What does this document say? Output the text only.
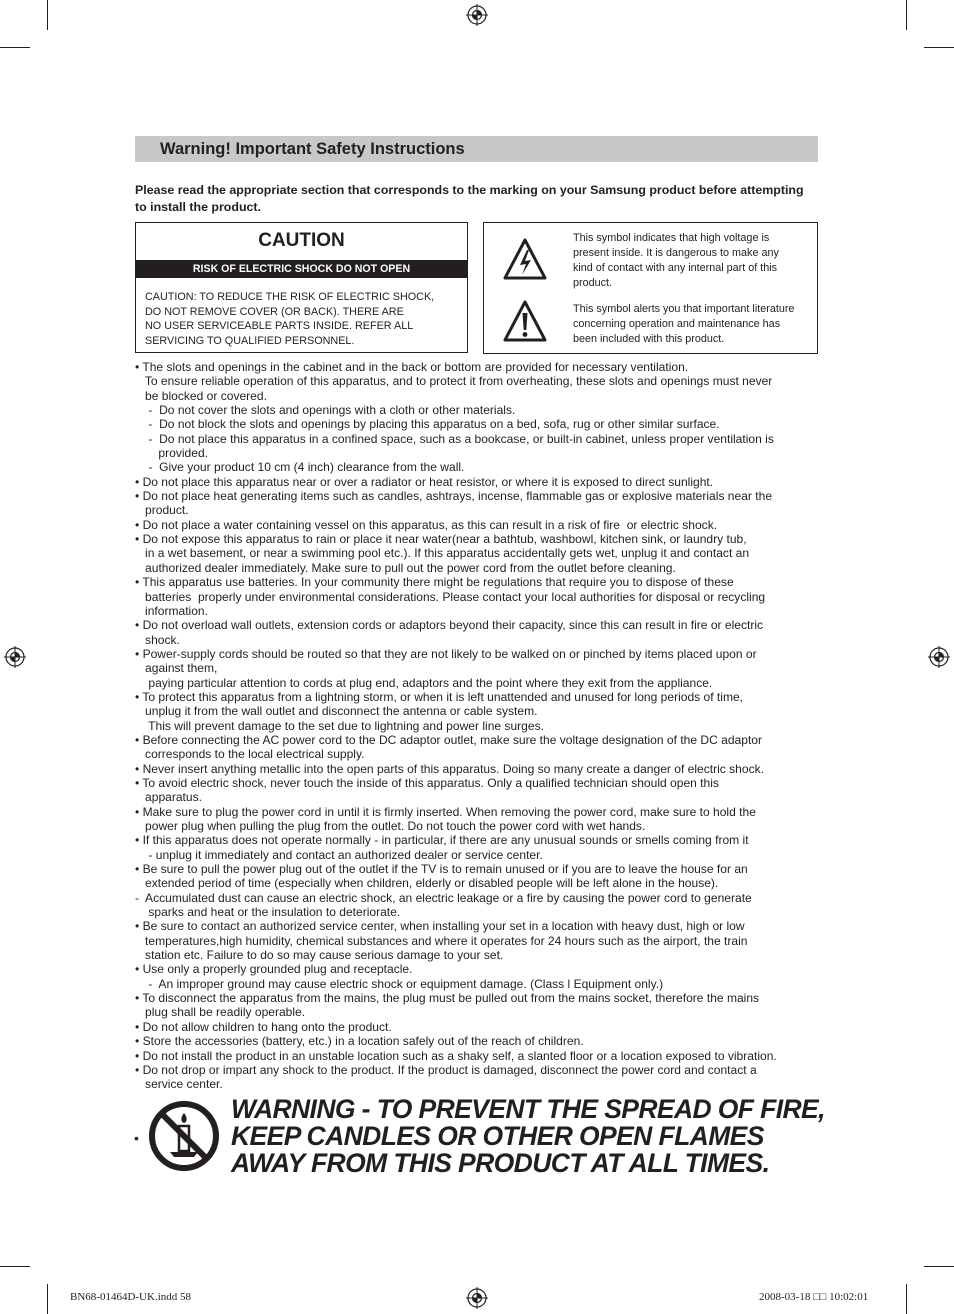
Warning! Important Safety Instructions
Please read the appropriate section that corresponds to the marking on your Samsung product before attempting to install the product.
CAUTION
RISK OF ELECTRIC SHOCK DO NOT OPEN
CAUTION: TO REDUCE THE RISK OF ELECTRIC SHOCK,
DO NOT REMOVE COVER (OR BACK). THERE ARE
NO USER SERVICEABLE PARTS INSIDE. REFER ALL
SERVICING TO QUALIFIED PERSONNEL.
This symbol indicates that high voltage is
present inside. It is dangerous to make any
kind of contact with any internal part of this
product.
This symbol alerts you that important literature
concerning operation and maintenance has
been included with this product.
• The slots and openings in the cabinet and in the back or bottom are provided for necessary ventilation.
To ensure reliable operation of this apparatus, and to protect it from overheating, these slots and openings must never
be blocked or covered.
-  Do not cover the slots and openings with a cloth or other materials.
-  Do not block the slots and openings by placing this apparatus on a bed, sofa, rug or other similar surface.
-  Do not place this apparatus in a confined space, such as a bookcase, or built-in cabinet, unless proper ventilation is
provided.
-  Give your product 10 cm (4 inch) clearance from the wall.
• Do not place this apparatus near or over a radiator or heat resistor, or where it is exposed to direct sunlight.
• Do not place heat generating items such as candles, ashtrays, incense, flammable gas or explosive materials near the
product.
• Do not place a water containing vessel on this apparatus, as this can result in a risk of fire  or electric shock.
• Do not expose this apparatus to rain or place it near water(near a bathtub, washbowl, kitchen sink, or laundry tub,
in a wet basement, or near a swimming pool etc.). If this apparatus accidentally gets wet, unplug it and contact an
authorized dealer immediately. Make sure to pull out the power cord from the outlet before cleaning.
• This apparatus use batteries. In your community there might be regulations that require you to dispose of these
batteries  properly under environmental considerations. Please contact your local authorities for disposal or recycling
information.
• Do not overload wall outlets, extension cords or adaptors beyond their capacity, since this can result in fire or electric
shock.
• Power-supply cords should be routed so that they are not likely to be walked on or pinched by items placed upon or
against them,
paying particular attention to cords at plug end, adaptors and the point where they exit from the appliance.
• To protect this apparatus from a lightning storm, or when it is left unattended and unused for long periods of time,
unplug it from the wall outlet and disconnect the antenna or cable system.
This will prevent damage to the set due to lightning and power line surges.
• Before connecting the AC power cord to the DC adaptor outlet, make sure the voltage designation of the DC adaptor
corresponds to the local electrical supply.
• Never insert anything metallic into the open parts of this apparatus. Doing so many create a danger of electric shock.
• To avoid electric shock, never touch the inside of this apparatus. Only a qualified technician should open this
apparatus.
• Make sure to plug the power cord in until it is firmly inserted. When removing the power cord, make sure to hold the
power plug when pulling the plug from the outlet. Do not touch the power cord with wet hands.
• If this apparatus does not operate normally - in particular, if there are any unusual sounds or smells coming from it
- unplug it immediately and contact an authorized dealer or service center.
• Be sure to pull the power plug out of the outlet if the TV is to remain unused or if you are to leave the house for an
extended period of time (especially when children, elderly or disabled people will be left alone in the house).
-  Accumulated dust can cause an electric shock, an electric leakage or a fire by causing the power cord to generate
sparks and heat or the insulation to deteriorate.
• Be sure to contact an authorized service center, when installing your set in a location with heavy dust, high or low
temperatures,high humidity, chemical substances and where it operates for 24 hours such as the airport, the train
station etc. Failure to do so may cause serious damage to your set.
• Use only a properly grounded plug and receptacle.
-  An improper ground may cause electric shock or equipment damage. (Class l Equipment only.)
• To disconnect the apparatus from the mains, the plug must be pulled out from the mains socket, therefore the mains
plug shall be readily operable.
• Do not allow children to hang onto the product.
• Store the accessories (battery, etc.) in a location safely out of the reach of children.
• Do not install the product in an unstable location such as a shaky self, a slanted floor or a location exposed to vibration.
• Do not drop or impart any shock to the product. If the product is damaged, disconnect the power cord and contact a
service center.
•
WARNING - TO PREVENT THE SPREAD OF FIRE,
KEEP CANDLES OR OTHER OPEN FLAMES
AWAY FROM THIS PRODUCT AT ALL TIMES.
BN68-01464D-UK.indd 58	2008-03-18 □□ 10:02:01
